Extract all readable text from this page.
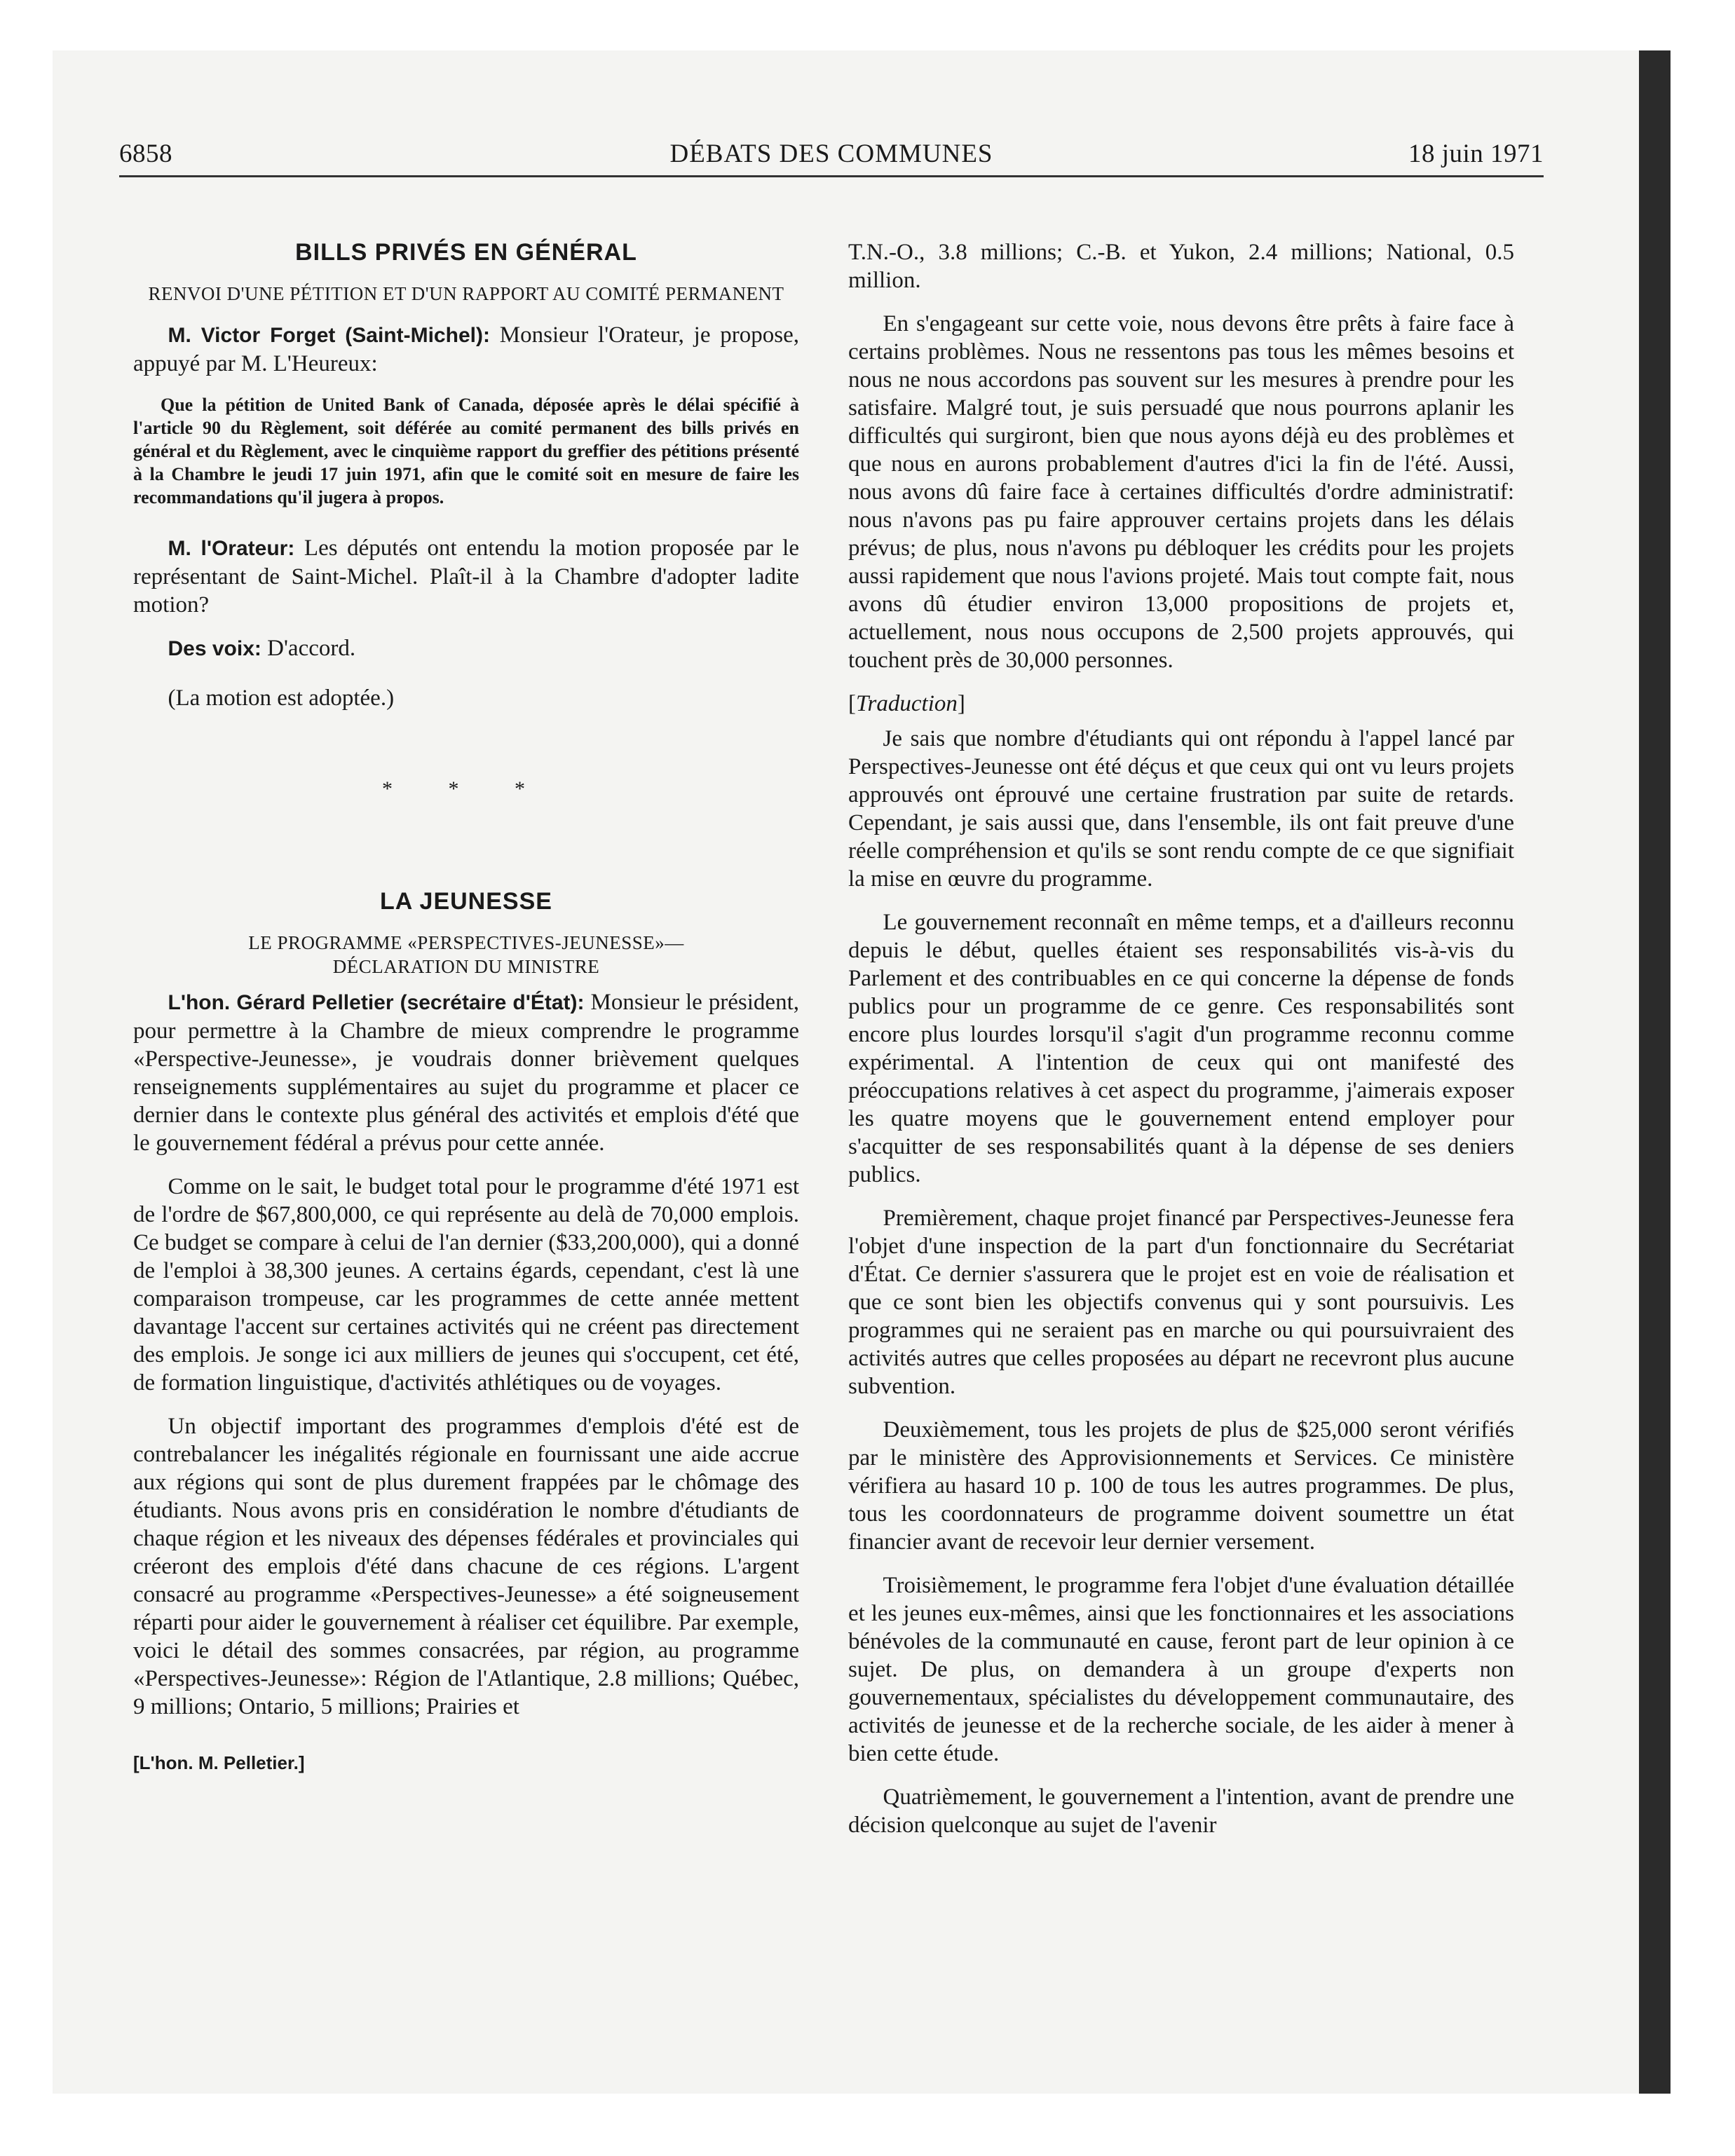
6858	DÉBATS DES COMMUNES	18 juin 1971
BILLS PRIVÉS EN GÉNÉRAL
RENVOI D'UNE PÉTITION ET D'UN RAPPORT AU COMITÉ PERMANENT

M. Victor Forget (Saint-Michel): Monsieur l'Orateur, je propose, appuyé par M. L'Heureux:

Que la pétition de United Bank of Canada, déposée après le délai spécifié à l'article 90 du Règlement, soit déférée au comité permanent des bills privés en général et du Règlement, avec le cinquième rapport du greffier des pétitions présenté à la Chambre le jeudi 17 juin 1971, afin que le comité soit en mesure de faire les recommandations qu'il jugera à propos.

M. l'Orateur: Les députés ont entendu la motion proposée par le représentant de Saint-Michel. Plaît-il à la Chambre d'adopter ladite motion?

Des voix: D'accord.

(La motion est adoptée.)

* * *
LA JEUNESSE
LE PROGRAMME «PERSPECTIVES-JEUNESSE»—
DÉCLARATION DU MINISTRE

L'hon. Gérard Pelletier (secrétaire d'État): Monsieur le président, pour permettre à la Chambre de mieux comprendre le programme «Perspective-Jeunesse», je voudrais donner brièvement quelques renseignements supplémentaires au sujet du programme et placer ce dernier dans le contexte plus général des activités et emplois d'été que le gouvernement fédéral a prévus pour cette année.

Comme on le sait, le budget total pour le programme d'été 1971 est de l'ordre de $67,800,000, ce qui représente au delà de 70,000 emplois. Ce budget se compare à celui de l'an dernier ($33,200,000), qui a donné de l'emploi à 38,300 jeunes. A certains égards, cependant, c'est là une comparaison trompeuse, car les programmes de cette année mettent davantage l'accent sur certaines activités qui ne créent pas directement des emplois. Je songe ici aux milliers de jeunes qui s'occupent, cet été, de formation linguistique, d'activités athlétiques ou de voyages.

Un objectif important des programmes d'emplois d'été est de contrebalancer les inégalités régionale en fournissant une aide accrue aux régions qui sont de plus durement frappées par le chômage des étudiants. Nous avons pris en considération le nombre d'étudiants de chaque région et les niveaux des dépenses fédérales et provinciales qui créeront des emplois d'été dans chacune de ces régions. L'argent consacré au programme «Perspectives-Jeunesse» a été soigneusement réparti pour aider le gouvernement à réaliser cet équilibre. Par exemple, voici le détail des sommes consacrées, par région, au programme «Perspectives-Jeunesse»: Région de l'Atlantique, 2.8 millions; Québec, 9 millions; Ontario, 5 millions; Prairies et

[L'hon. M. Pelletier.]

T.N.-O., 3.8 millions; C.-B. et Yukon, 2.4 millions; National, 0.5 million.

En s'engageant sur cette voie, nous devons être prêts à faire face à certains problèmes. Nous ne ressentons pas tous les mêmes besoins et nous ne nous accordons pas souvent sur les mesures à prendre pour les satisfaire. Malgré tout, je suis persuadé que nous pourrons aplanir les difficultés qui surgiront, bien que nous ayons déjà eu des problèmes et que nous en aurons probablement d'autres d'ici la fin de l'été. Aussi, nous avons dû faire face à certaines difficultés d'ordre administratif: nous n'avons pas pu faire approuver certains projets dans les délais prévus; de plus, nous n'avons pu débloquer les crédits pour les projets aussi rapidement que nous l'avions projeté. Mais tout compte fait, nous avons dû étudier environ 13,000 propositions de projets et, actuellement, nous nous occupons de 2,500 projets approuvés, qui touchent près de 30,000 personnes.

[Traduction]

Je sais que nombre d'étudiants qui ont répondu à l'appel lancé par Perspectives-Jeunesse ont été déçus et que ceux qui ont vu leurs projets approuvés ont éprouvé une certaine frustration par suite de retards. Cependant, je sais aussi que, dans l'ensemble, ils ont fait preuve d'une réelle compréhension et qu'ils se sont rendu compte de ce que signifiait la mise en œuvre du programme.

Le gouvernement reconnaît en même temps, et a d'ailleurs reconnu depuis le début, quelles étaient ses responsabilités vis-à-vis du Parlement et des contribuables en ce qui concerne la dépense de fonds publics pour un programme de ce genre. Ces responsabilités sont encore plus lourdes lorsqu'il s'agit d'un programme reconnu comme expérimental. A l'intention de ceux qui ont manifesté des préoccupations relatives à cet aspect du programme, j'aimerais exposer les quatre moyens que le gouvernement entend employer pour s'acquitter de ses responsabilités quant à la dépense de ses deniers publics.

Premièrement, chaque projet financé par Perspectives-Jeunesse fera l'objet d'une inspection de la part d'un fonctionnaire du Secrétariat d'État. Ce dernier s'assurera que le projet est en voie de réalisation et que ce sont bien les objectifs convenus qui y sont poursuivis. Les programmes qui ne seraient pas en marche ou qui poursuivraient des activités autres que celles proposées au départ ne recevront plus aucune subvention.

Deuxièmement, tous les projets de plus de $25,000 seront vérifiés par le ministère des Approvisionnements et Services. Ce ministère vérifiera au hasard 10 p. 100 de tous les autres programmes. De plus, tous les coordonnateurs de programme doivent soumettre un état financier avant de recevoir leur dernier versement.

Troisièmement, le programme fera l'objet d'une évaluation détaillée et les jeunes eux-mêmes, ainsi que les fonctionnaires et les associations bénévoles de la communauté en cause, feront part de leur opinion à ce sujet. De plus, on demandera à un groupe d'experts non gouvernementaux, spécialistes du développement communautaire, des activités de jeunesse et de la recherche sociale, de les aider à mener à bien cette étude.

Quatrièmement, le gouvernement a l'intention, avant de prendre une décision quelconque au sujet de l'avenir
